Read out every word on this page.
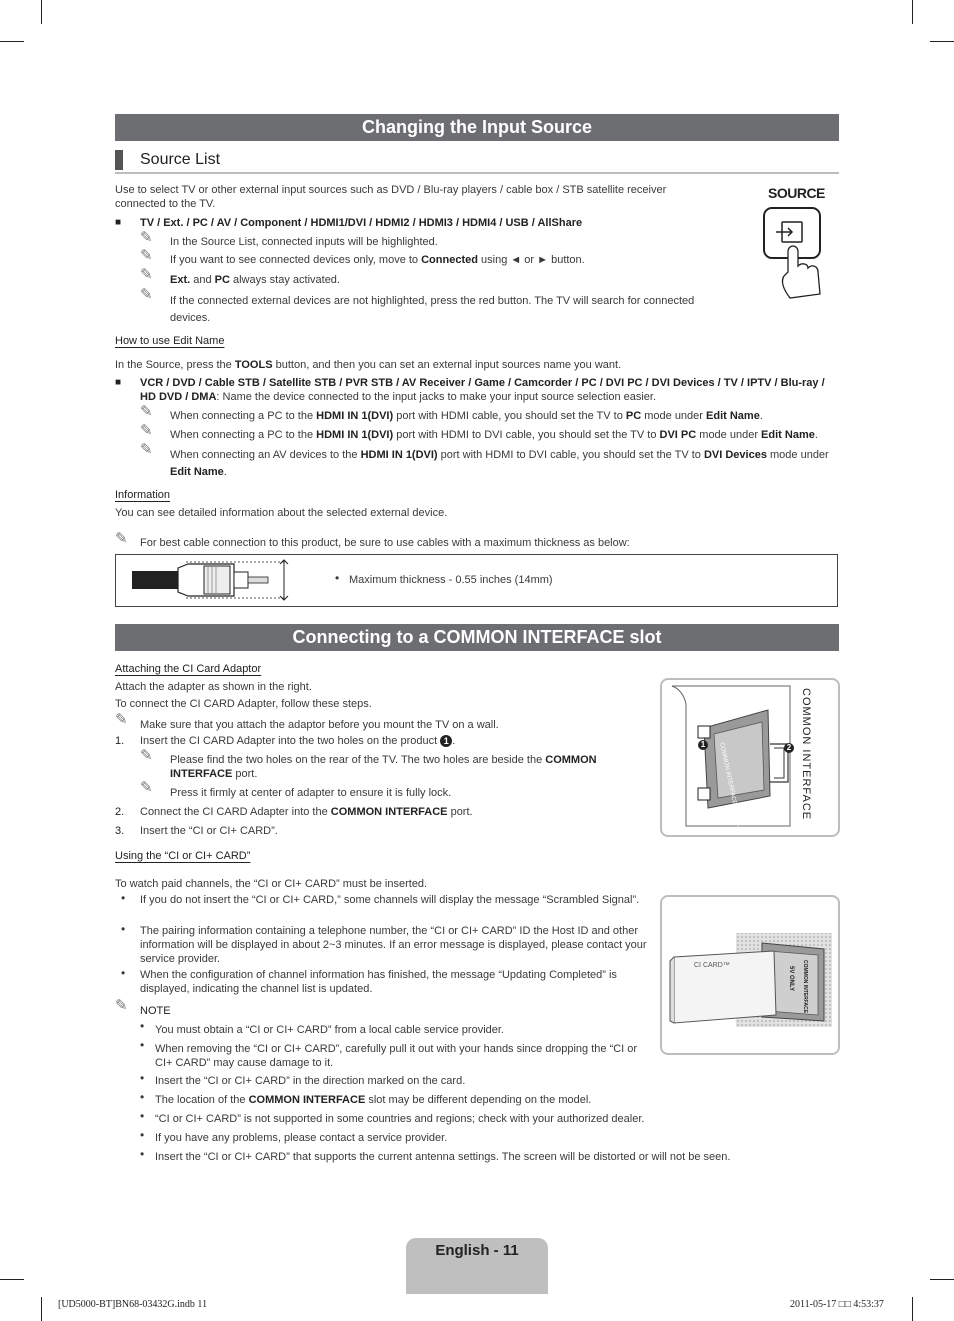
Changing the Input Source
Source List
Use to select TV or other external input sources such as DVD / Blu-ray players / cable box / STB satellite receiver connected to the TV.
■ TV / Ext. / PC / AV / Component / HDMI1/DVI / HDMI2 / HDMI3 / HDMI4 / USB / AllShare
✎ In the Source List, connected inputs will be highlighted.
✎ If you want to see connected devices only, move to Connected using ◄ or ► button.
✎ Ext. and PC always stay activated.
✎ If the connected external devices are not highlighted, press the red button. The TV will search for connected devices.
SOURCE
How to use Edit Name
In the Source, press the TOOLS button, and then you can set an external input sources name you want.
■ VCR / DVD / Cable STB / Satellite STB / PVR STB / AV Receiver / Game / Camcorder / PC / DVI PC / DVI Devices / TV / IPTV / Blu-ray / HD DVD / DMA: Name the device connected to the input jacks to make your input source selection easier.
✎ When connecting a PC to the HDMI IN 1(DVI) port with HDMI cable, you should set the TV to PC mode under Edit Name.
✎ When connecting a PC to the HDMI IN 1(DVI) port with HDMI to DVI cable, you should set the TV to DVI PC mode under Edit Name.
✎ When connecting an AV devices to the HDMI IN 1(DVI) port with HDMI to DVI cable, you should set the TV to DVI Devices mode under Edit Name.
Information
You can see detailed information about the selected external device.
✎ For best cable connection to this product, be sure to use cables with a maximum thickness as below:
• Maximum thickness - 0.55 inches (14mm)
Connecting to a COMMON INTERFACE slot
Attaching the CI Card Adaptor
Attach the adapter as shown in the right.
To connect the CI CARD Adapter, follow these steps.
✎ Make sure that you attach the adaptor before you mount the TV on a wall.
1. Insert the CI CARD Adapter into the two holes on the product 1 .
✎ Please find the two holes on the rear of the TV. The two holes are beside the COMMON INTERFACE port.
✎ Press it firmly at center of adapter to ensure it is fully lock.
2. Connect the CI CARD Adapter into the COMMON INTERFACE port.
3. Insert the “CI or CI+ CARD”.
1	2
COMMON INTERFACE 5V ONLY	COMMON INTERFACE
Using the “CI or CI+ CARD”
To watch paid channels, the “CI or CI+ CARD” must be inserted.
• If you do not insert the “CI or CI+ CARD,” some channels will display the message “Scrambled Signal”.
• The pairing information containing a telephone number, the “CI or CI+ CARD” ID the Host ID and other information will be displayed in about 2~3 minutes. If an error message is displayed, please contact your service provider.
• When the configuration of channel information has finished, the message “Updating Completed” is displayed, indicating the channel list is updated.
✎ NOTE
• You must obtain a “CI or CI+ CARD” from a local cable service provider.
• When removing the “CI or CI+ CARD”, carefully pull it out with your hands since dropping the “CI or CI+ CARD” may cause damage to it.
• Insert the “CI or CI+ CARD” in the direction marked on the card.
• The location of the COMMON INTERFACE slot may be different depending on the model.
• “CI or CI+ CARD” is not supported in some countries and regions; check with your authorized dealer.
• If you have any problems, please contact a service provider.
• Insert the “CI or CI+ CARD” that supports the current antenna settings. The screen will be distorted or will not be seen.
CI CARD™
5V ONLY COMMON INTERFACE
English - 11
[UD5000-BT]BN68-03432G.indb 11	2011-05-17 □□ 4:53:37
